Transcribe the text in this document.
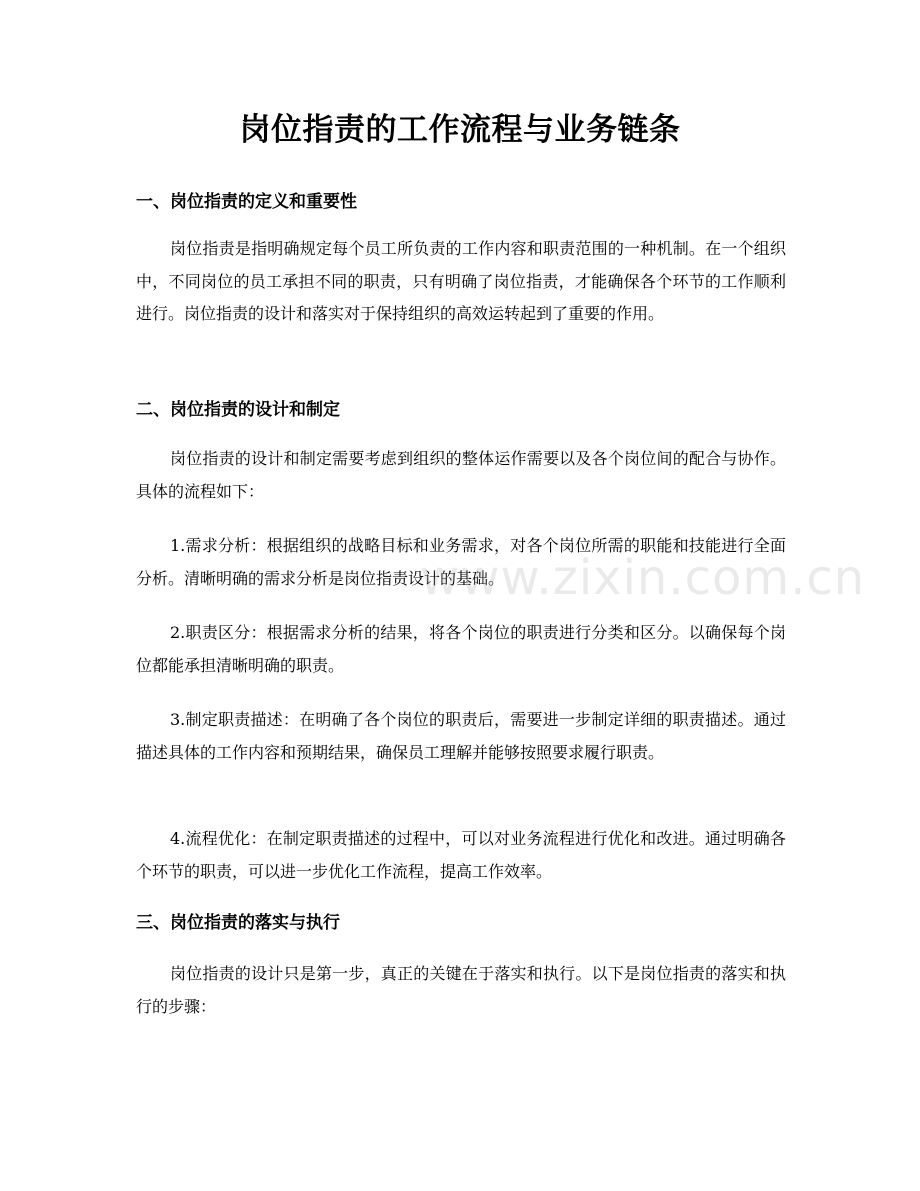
岗位指责的工作流程与业务链条
一、岗位指责的定义和重要性

岗位指责是指明确规定每个员工所负责的工作内容和职责范围的一种机制。在一个组织中，不同岗位的员工承担不同的职责，只有明确了岗位指责，才能确保各个环节的工作顺利进行。岗位指责的设计和落实对于保持组织的高效运转起到了重要的作用。

二、岗位指责的设计和制定

岗位指责的设计和制定需要考虑到组织的整体运作需要以及各个岗位间的配合与协作。具体的流程如下：

1.需求分析：根据组织的战略目标和业务需求，对各个岗位所需的职能和技能进行全面分析。清晰明确的需求分析是岗位指责设计的基础。

2.职责区分：根据需求分析的结果，将各个岗位的职责进行分类和区分。以确保每个岗位都能承担清晰明确的职责。

3.制定职责描述：在明确了各个岗位的职责后，需要进一步制定详细的职责描述。通过描述具体的工作内容和预期结果，确保员工理解并能够按照要求履行职责。

4.流程优化：在制定职责描述的过程中，可以对业务流程进行优化和改进。通过明确各个环节的职责，可以进一步优化工作流程，提高工作效率。

三、岗位指责的落实与执行

岗位指责的设计只是第一步，真正的关键在于落实和执行。以下是岗位指责的落实和执行的步骤：

www.zixin.com.cn
